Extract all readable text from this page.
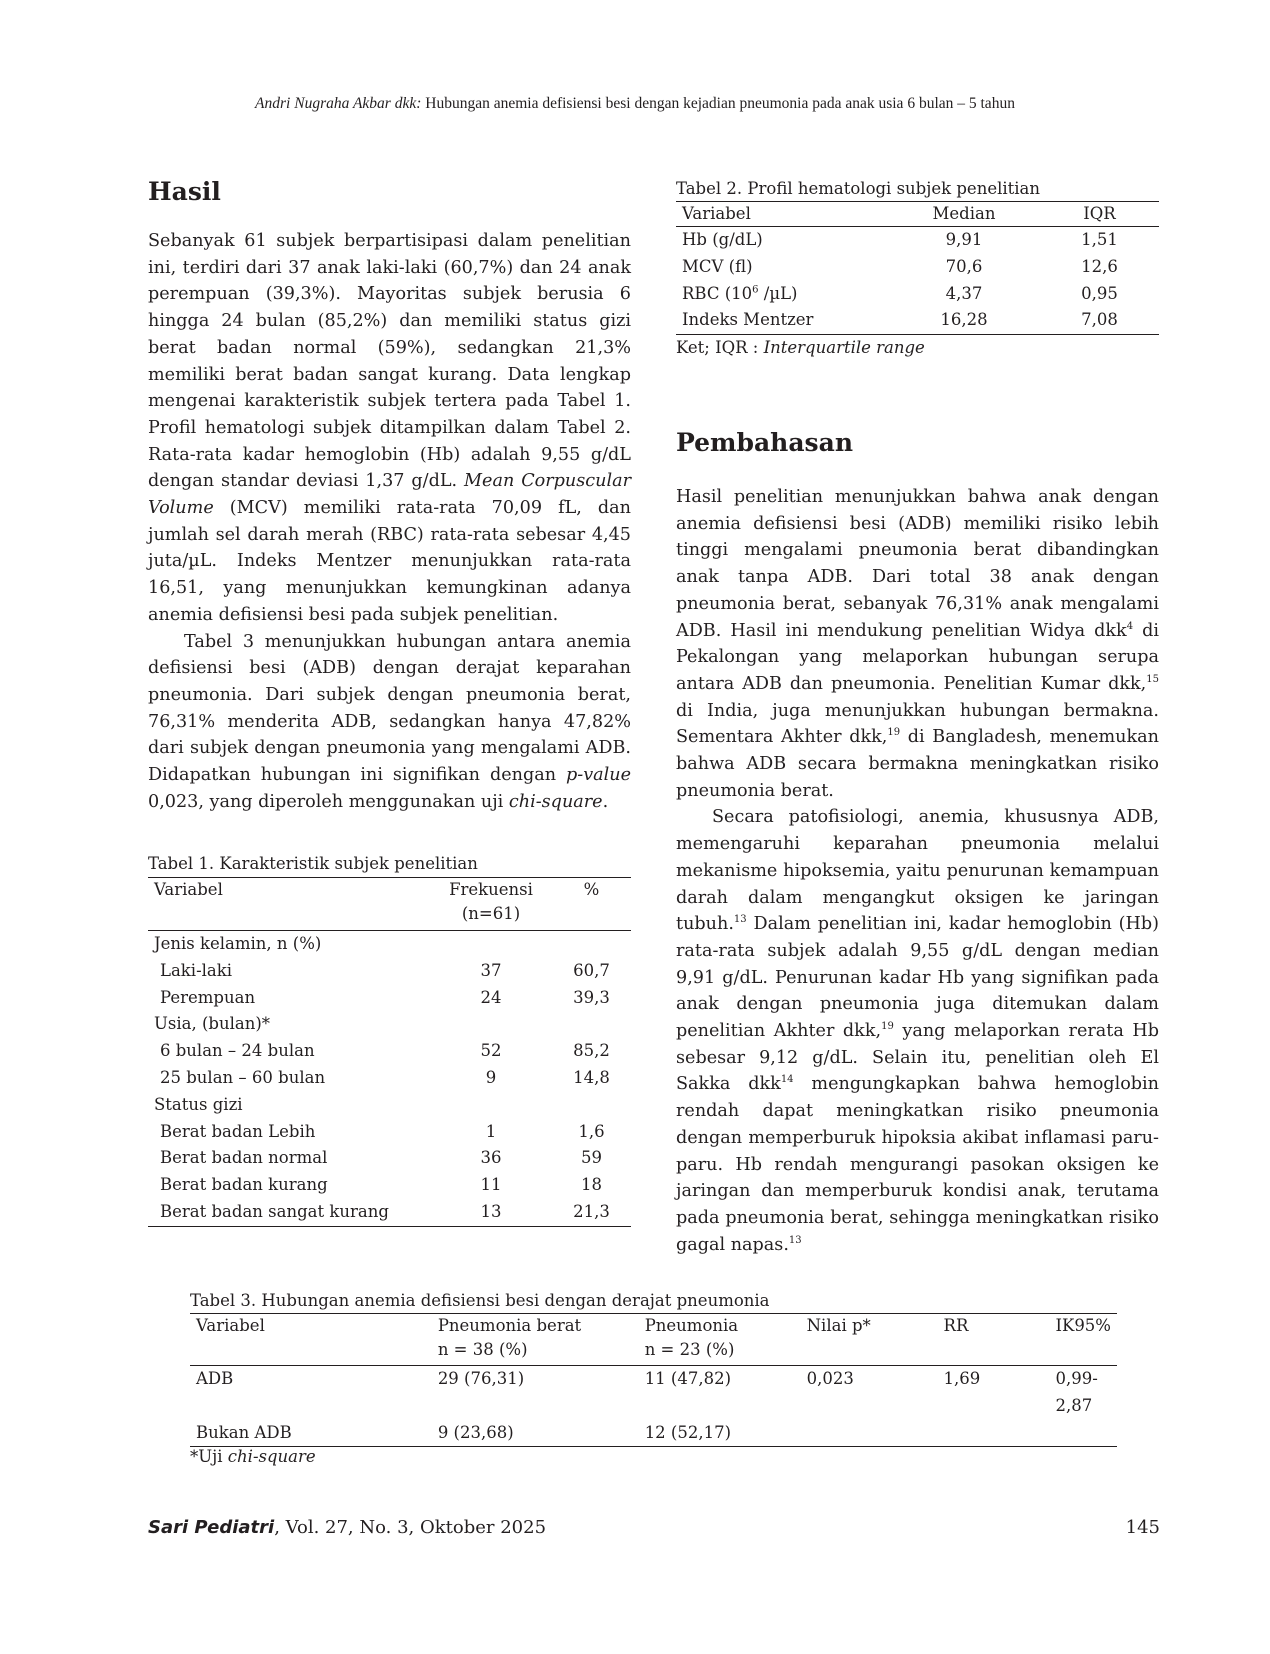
Andri Nugraha Akbar dkk: Hubungan anemia defisiensi besi dengan kejadian pneumonia pada anak usia 6 bulan – 5 tahun
Hasil

Sebanyak 61 subjek berpartisipasi dalam penelitian ini, terdiri dari 37 anak laki-laki (60,7%) dan 24 anak perempuan (39,3%). Mayoritas subjek berusia 6 hingga 24 bulan (85,2%) dan memiliki status gizi berat badan normal (59%), sedangkan 21,3% memiliki berat badan sangat kurang. Data lengkap mengenai karakteristik subjek tertera pada Tabel 1. Profil hematologi subjek ditampilkan dalam Tabel 2. Rata-rata kadar hemoglobin (Hb) adalah 9,55 g/dL dengan standar deviasi 1,37 g/dL. Mean Corpuscular Volume (MCV) memiliki rata-rata 70,09 fL, dan jumlah sel darah merah (RBC) rata-rata sebesar 4,45 juta/µL. Indeks Mentzer menunjukkan rata-rata 16,51, yang menunjukkan kemungkinan adanya anemia defisiensi besi pada subjek penelitian.

Tabel 3 menunjukkan hubungan antara anemia defisiensi besi (ADB) dengan derajat keparahan pneumonia. Dari subjek dengan pneumonia berat, 76,31% menderita ADB, sedangkan hanya 47,82% dari subjek dengan pneumonia yang mengalami ADB. Didapatkan hubungan ini signifikan dengan p-value 0,023, yang diperoleh menggunakan uji chi-square.

Tabel 1. Karakteristik subjek penelitian
Variabel	Frekuensi (n=61)	%
Jenis kelamin, n (%)		
Laki-laki	37	60,7
Perempuan	24	39,3
Usia, (bulan)*		
6 bulan – 24 bulan	52	85,2
25 bulan – 60 bulan	9	14,8
Status gizi		
Berat badan Lebih	1	1,6
Berat badan normal	36	59
Berat badan kurang	11	18
Berat badan sangat kurang	13	21,3
Tabel 2. Profil hematologi subjek penelitian
Variabel	Median	IQR
Hb (g/dL)	9,91	1,51
MCV (fl)	70,6	12,6
RBC ($10^6$ /µL)	4,37	0,95
Indeks Mentzer	16,28	7,08
Ket; IQR : Interquartile range
Pembahasan

Hasil penelitian menunjukkan bahwa anak dengan anemia defisiensi besi (ADB) memiliki risiko lebih tinggi mengalami pneumonia berat dibandingkan anak tanpa ADB. Dari total 38 anak dengan pneumonia berat, sebanyak 76,31% anak mengalami ADB. Hasil ini mendukung penelitian Widya dkk$^4$ di Pekalongan yang melaporkan hubungan serupa antara ADB dan pneumonia. Penelitian Kumar dkk,$^{15}$ di India, juga menunjukkan hubungan bermakna. Sementara Akhter dkk,$^{19}$ di Bangladesh, menemukan bahwa ADB secara bermakna meningkatkan risiko pneumonia berat.

Secara patofisiologi, anemia, khususnya ADB, memengaruhi keparahan pneumonia melalui mekanisme hipoksemia, yaitu penurunan kemampuan darah dalam mengangkut oksigen ke jaringan tubuh.$^{13}$ Dalam penelitian ini, kadar hemoglobin (Hb) rata-rata subjek adalah 9,55 g/dL dengan median 9,91 g/dL. Penurunan kadar Hb yang signifikan pada anak dengan pneumonia juga ditemukan dalam penelitian Akhter dkk,$^{19}$ yang melaporkan rerata Hb sebesar 9,12 g/dL. Selain itu, penelitian oleh El Sakka dkk$^{14}$ mengungkapkan bahwa hemoglobin rendah dapat meningkatkan risiko pneumonia dengan memperburuk hipoksia akibat inflamasi paru-paru. Hb rendah mengurangi pasokan oksigen ke jaringan dan memperburuk kondisi anak, terutama pada pneumonia berat, sehingga meningkatkan risiko gagal napas.$^{13}$

Tabel 3. Hubungan anemia defisiensi besi dengan derajat pneumonia
Variabel	Pneumonia berat	Pneumonia	Nilai p*	RR	IK95%
	n = 38 (%)	n = 23 (%)			
ADB	29 (76,31)	11 (47,82)	0,023	1,69	0,99-2,87
Bukan ADB	9 (23,68)	12 (52,17)			
*Uji chi-square
Sari Pediatri, Vol. 27, No. 3, Oktober 2025	145
